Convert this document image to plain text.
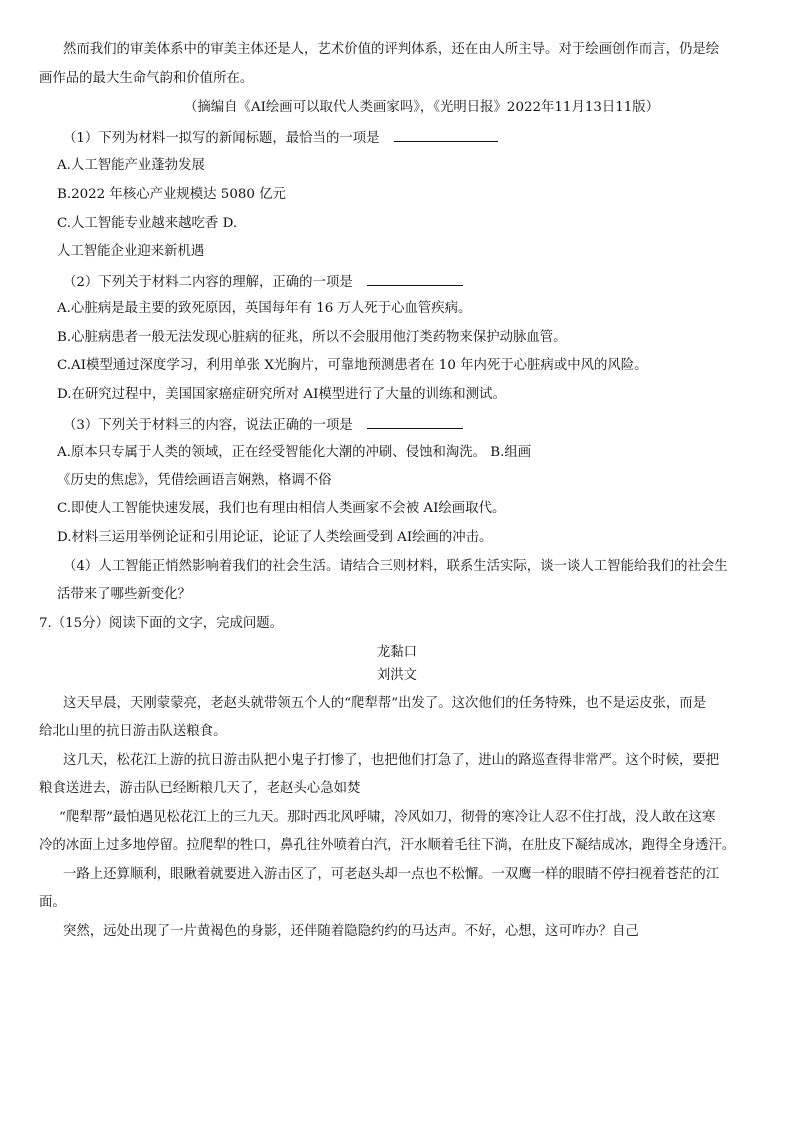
然而我们的审美体系中的审美主体还是人，艺术价值的评判体系，还在由人所主导。对于绘画创作而言，仍是绘
画作品的最大生命气韵和价值所在。
（摘编自《AI绘画可以取代人类画家吗》，《光明日报》2022年11月13日11版）
（1）下列为材料一拟写的新闻标题，最恰当的一项是
A.人工智能产业蓬勃发展
B.2022 年核心产业规模达 5080 亿元
C.人工智能专业越来越吃香 D.
人工智能企业迎来新机遇
（2）下列关于材料二内容的理解，正确的一项是
A.心脏病是最主要的致死原因，英国每年有 16 万人死于心血管疾病。
B.心脏病患者一般无法发现心脏病的征兆，所以不会服用他汀类药物来保护动脉血管。
C.AI模型通过深度学习，利用单张 X光胸片，可靠地预测患者在 10 年内死于心脏病或中风的风险。
D.在研究过程中，美国国家癌症研究所对 AI模型进行了大量的训练和测试。
（3）下列关于材料三的内容，说法正确的一项是
A.原本只专属于人类的领域，正在经受智能化大潮的冲刷、侵蚀和淘洗。 B.组画
《历史的焦虑》，凭借绘画语言娴熟，格调不俗
C.即使人工智能快速发展，我们也有理由相信人类画家不会被 AI绘画取代。
D.材料三运用举例论证和引用论证，论证了人类绘画受到 AI绘画的冲击。
（4）人工智能正悄然影响着我们的社会生活。请结合三则材料，联系生活实际，谈一谈人工智能给我们的社会生
活带来了哪些新变化？
7.（15分）阅读下面的文字，完成问题。
龙黏口
刘洪文
这天早晨，天刚蒙蒙亮，老赵头就带领五个人的“爬犁帮”出发了。这次他们的任务特殊，也不是运皮张，而是
给北山里的抗日游击队送粮食。
这几天，松花江上游的抗日游击队把小鬼子打惨了，也把他们打急了，进山的路巡查得非常严。这个时候，要把
粮食送进去，游击队已经断粮几天了，老赵头心急如焚
“爬犁帮”最怕遇见松花江上的三九天。那时西北风呼啸，冷风如刀，彻骨的寒冷让人忍不住打战，没人敢在这寒
冷的冰面上过多地停留。拉爬犁的牲口，鼻孔往外喷着白汽，汗水顺着毛往下淌，在肚皮下凝结成冰，跑得全身透汗。
一路上还算顺利，眼瞅着就要进入游击区了，可老赵头却一点也不松懈。一双鹰一样的眼睛不停扫视着苍茫的江
面。
突然，远处出现了一片黄褐色的身影，还伴随着隐隐约约的马达声。不好，心想，这可咋办？自己
